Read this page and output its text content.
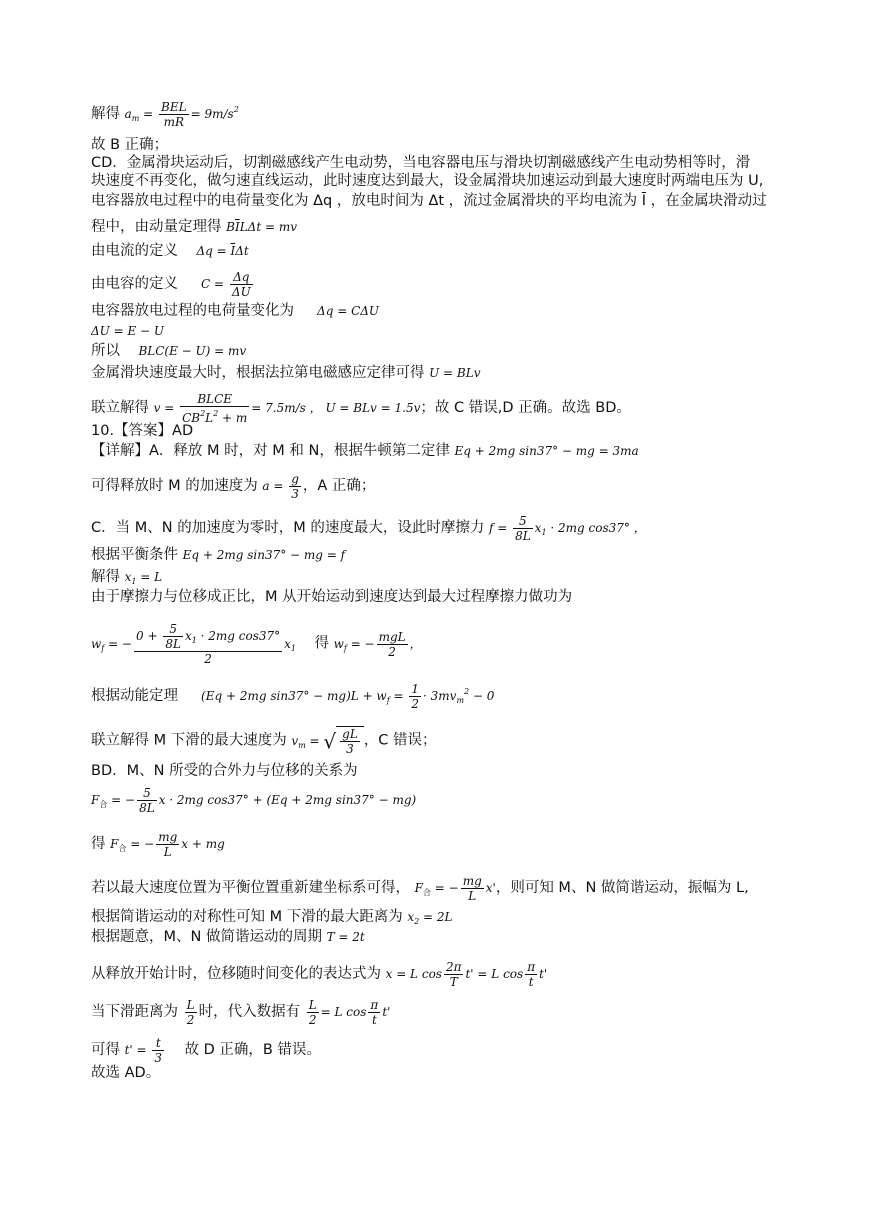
解得 $a_m = \frac{\text{BEL}}{mR} = 9m/s^2$
故 B 正确；
CD．金属滑块运动后，切割磁感线产生电动势，当电容器电压与滑块切割磁感线产生电动势相等时，滑
块速度不再变化，做匀速直线运动，此时速度达到最大，设金属滑块加速运动到最大速度时两端电压为 U,
电容器放电过程中的电荷量变化为 Δq ，放电时间为 Δt ，流过金属滑块的平均电流为 Ī ，在金属块滑动过
程中，由动量定理得 $B\overline{I}L\Delta t$ = mv
由电流的定义 $\Delta q = \overline{I}\Delta t$
由电容的定义 $C = \frac{\Delta q}{\Delta U}$
电容器放电过程的电荷量变化为 Δq = CΔU
ΔU = E − U
所以 BLC(E − U) = mv
金属滑块速度最大时，根据法拉第电磁感应定律可得 U = BLv
联立解得 $v = \frac{\text{BLCE}}{CB^2L^2 + m} = 7.5m/s$ ， U = BLv = 1.5v；故 C 错误,D 正确。故选 BD。
10.【答案】AD
【详解】A．释放 M 时，对 M 和 N，根据牛顿第二定律 Eq + 2mg sin37° − mg = 3ma
可得释放时 M 的加速度为 $a = \frac{g}{3}$ ，A 正确；
C．当 M、N 的加速度为零时，M 的速度最大，设此时摩擦力 $f = \frac{5}{8L} x_1 \cdot 2mg$ cos37° ，
根据平衡条件 Eq + 2mg sin37° − mg = f
解得 $x_1 = L$
由于摩擦力与位移成正比，M 从开始运动到速度达到最大过程摩擦力做功为
$w_f$ = − $\frac{0 + \frac{5}{8L} x_1 \cdot 2mg \cos 37^\circ}{2} x_1$ 得 $w_f$ = − $\frac{\text{mgL}}{2}$ ，
根据动能定理 (Eq + 2mg $\sin 37^\circ - mg)L + w_f = \frac{1}{2} \cdot 3mv_m^2 - 0$
联立解得 M 下滑的最大速度为 $v_m$ = √ $\frac{gL}{3}$ ，C 错误；
BD．M、N 所受的合外力与位移的关系为
$F_合$ = − $\frac{5}{8L}$ x · 2mg cos37° + (Eq + 2mg sin37° − mg)
得 $F_合$ = − $\frac{mg}{L}$ x + mg
若以最大速度位置为平衡位置重新建坐标系可得， $F_合$ = − $\frac{mg}{L} x'$，则可知 M、N 做简谐运动，振幅为 L,
根据简谐运动的对称性可知 M 下滑的最大距离为 $x_2 = 2L$
根据题意，M、N 做简谐运动的周期 T = 2t
从释放开始计时，位移随时间变化的表达式为 x = L $\cos \frac{2\pi}{T} t' = L$ $\cos \frac{\pi}{t} t'$
当下滑距离为 $\frac{L}{2}$ 时，代入数据有 $\frac{L}{2} = L$ $\cos \frac{\pi}{t} t'$
可得 $t' = \frac{t}{3}$ 故 D 正确，B 错误。
故选 AD。
